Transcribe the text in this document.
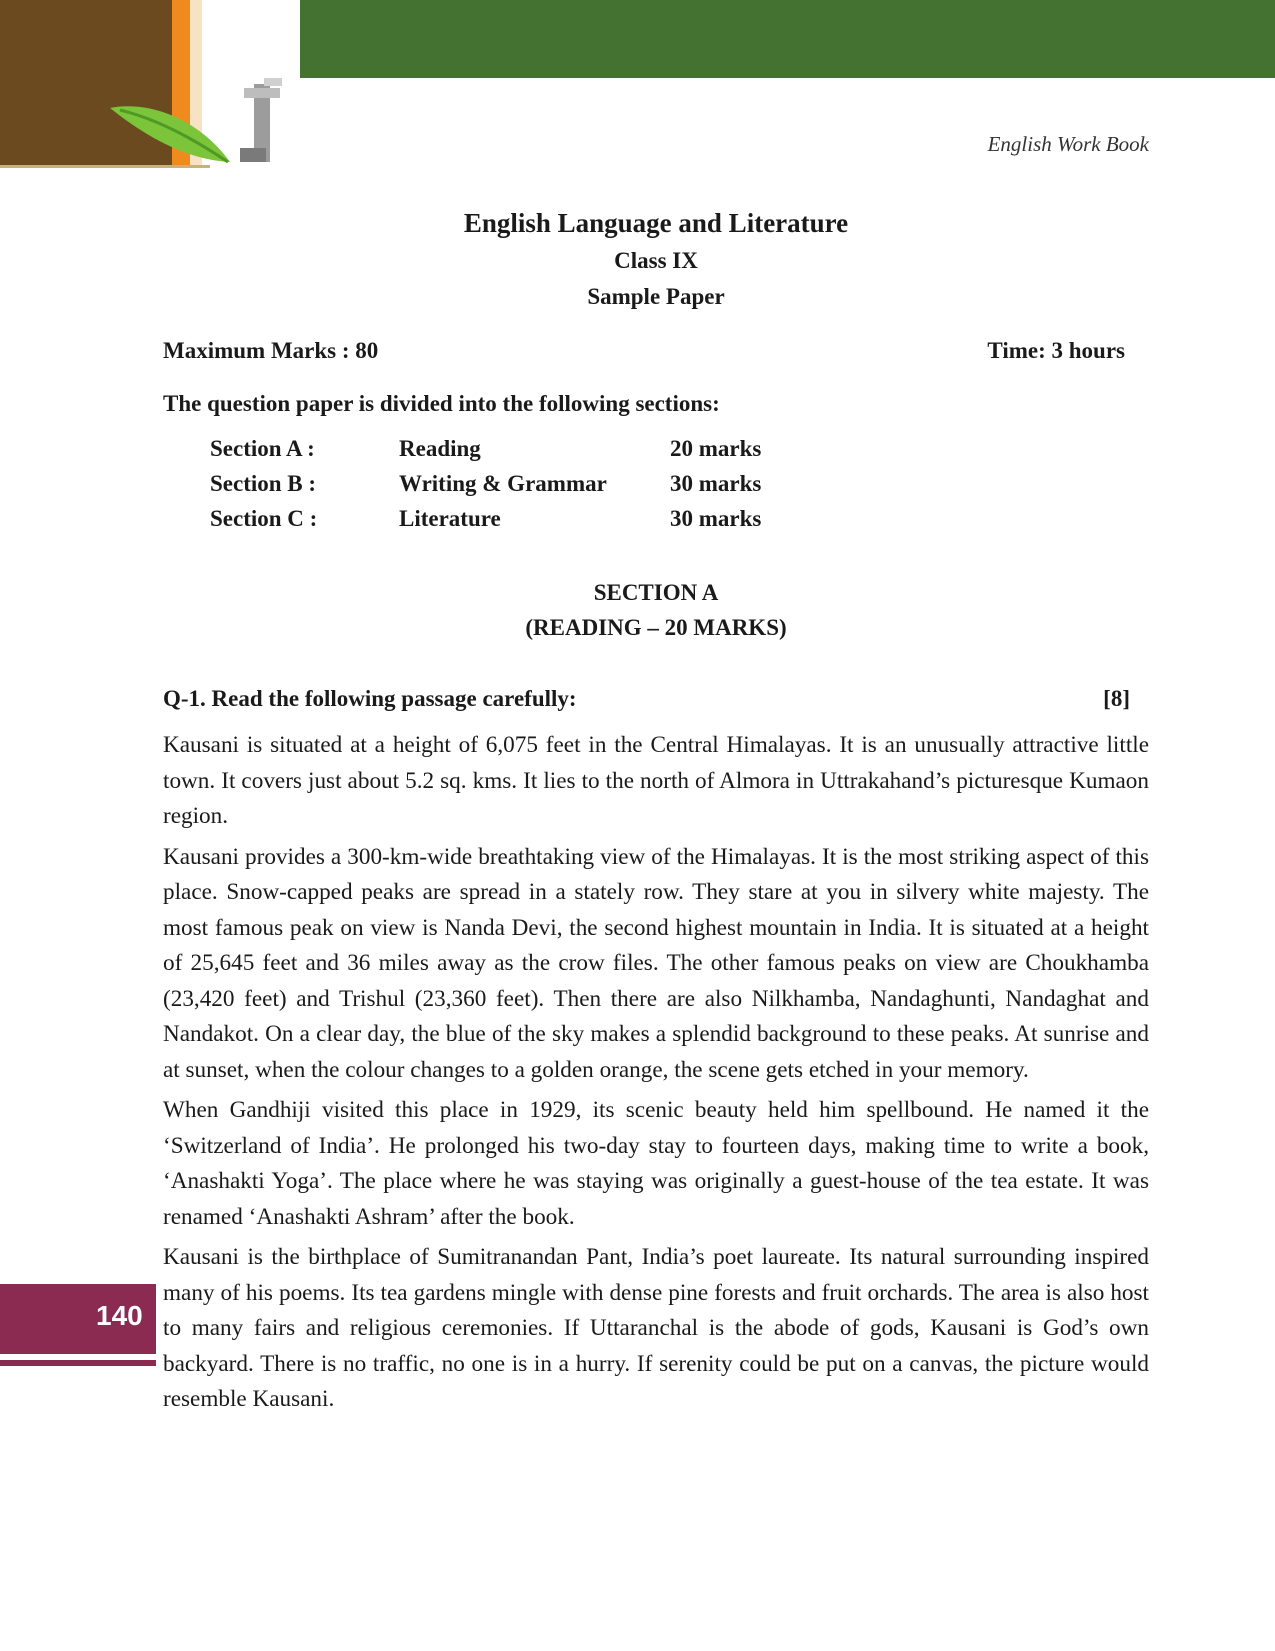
English Work Book
English Language and Literature
Class IX
Sample Paper
Maximum Marks : 80	Time: 3 hours
The question paper is divided into the following sections:
Section A :	Reading	20 marks
Section B :	Writing & Grammar	30 marks
Section C :	Literature	30 marks
SECTION A
(READING – 20 MARKS)
Q-1. Read the following passage carefully:	[8]

Kausani is situated at a height of 6,075 feet in the Central Himalayas. It is an unusually attractive little town. It covers just about 5.2 sq. kms. It lies to the north of Almora in Uttrakahand’s picturesque Kumaon region.

Kausani provides a 300-km-wide breathtaking view of the Himalayas. It is the most striking aspect of this place. Snow-capped peaks are spread in a stately row. They stare at you in silvery white majesty. The most famous peak on view is Nanda Devi, the second highest mountain in India. It is situated at a height of 25,645 feet and 36 miles away as the crow files. The other famous peaks on view are Choukhamba (23,420 feet) and Trishul (23,360 feet). Then there are also Nilkhamba, Nandaghunti, Nandaghat and Nandakot. On a clear day, the blue of the sky makes a splendid background to these peaks. At sunrise and at sunset, when the colour changes to a golden orange, the scene gets etched in your memory.

When Gandhiji visited this place in 1929, its scenic beauty held him spellbound. He named it the ‘Switzerland of India’. He prolonged his two-day stay to fourteen days, making time to write a book, ‘Anashakti Yoga’. The place where he was staying was originally a guest-house of the tea estate. It was renamed ‘Anashakti Ashram’ after the book.

Kausani is the birthplace of Sumitranandan Pant, India’s poet laureate. Its natural surrounding inspired many of his poems. Its tea gardens mingle with dense pine forests and fruit orchards. The area is also host to many fairs and religious ceremonies. If Uttaranchal is the abode of gods, Kausani is God’s own backyard. There is no traffic, no one is in a hurry. If serenity could be put on a canvas, the picture would resemble Kausani.

140
